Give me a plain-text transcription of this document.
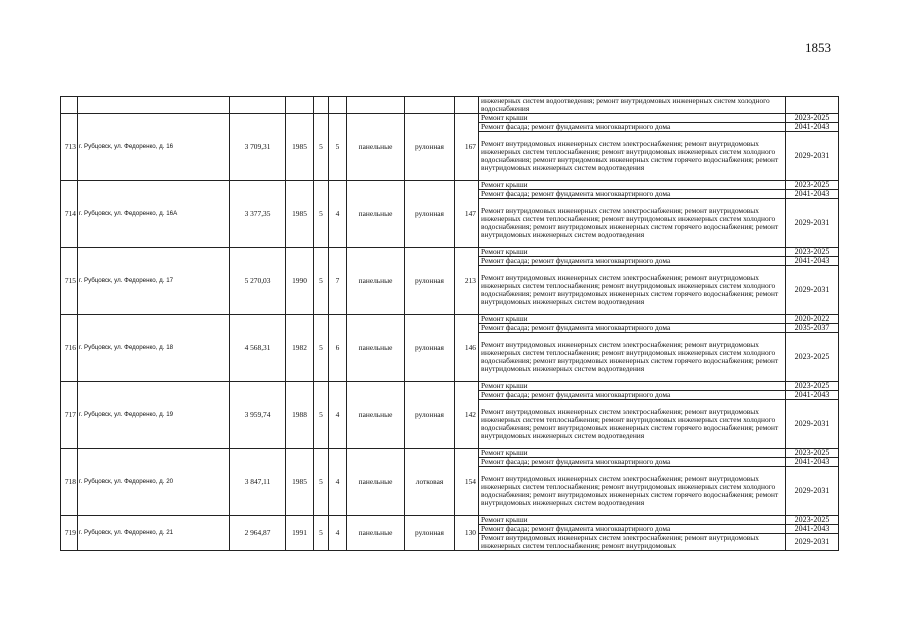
1853
									инженерных систем водоотведения; ремонт внутридомовых инженерных систем холодного водоснабжения	
713	г. Рубцовск, ул. Федоренко, д. 16	3 709,31	1985	5	5	панельные	рулонная	167	Ремонт крыши	2023-2025
									Ремонт фасада; ремонт фундамента многоквартирного дома	2041-2043
									Ремонт внутридомовых инженерных систем электроснабжения; ремонт внутридомовых инженерных систем теплоснабжения; ремонт внутридомовых инженерных систем холодного водоснабжения; ремонт внутридомовых инженерных систем горячего водоснабжения; ремонт внутридомовых инженерных систем водоотведения	2029-2031
714	г. Рубцовск, ул. Федоренко, д. 16А	3 377,35	1985	5	4	панельные	рулонная	147	Ремонт крыши	2023-2025
									Ремонт фасада; ремонт фундамента многоквартирного дома	2041-2043
									Ремонт внутридомовых инженерных систем электроснабжения; ремонт внутридомовых инженерных систем теплоснабжения; ремонт внутридомовых инженерных систем холодного водоснабжения; ремонт внутридомовых инженерных систем горячего водоснабжения; ремонт внутридомовых инженерных систем водоотведения	2029-2031
715	г. Рубцовск, ул. Федоренко, д. 17	5 270,03	1990	5	7	панельные	рулонная	213	Ремонт крыши	2023-2025
									Ремонт фасада; ремонт фундамента многоквартирного дома	2041-2043
									Ремонт внутридомовых инженерных систем электроснабжения; ремонт внутридомовых инженерных систем теплоснабжения; ремонт внутридомовых инженерных систем холодного водоснабжения; ремонт внутридомовых инженерных систем горячего водоснабжения; ремонт внутридомовых инженерных систем водоотведения	2029-2031
716	г. Рубцовск, ул. Федоренко, д. 18	4 568,31	1982	5	6	панельные	рулонная	146	Ремонт крыши	2020-2022
									Ремонт фасада; ремонт фундамента многоквартирного дома	2035-2037
									Ремонт внутридомовых инженерных систем электроснабжения; ремонт внутридомовых инженерных систем теплоснабжения; ремонт внутридомовых инженерных систем холодного водоснабжения; ремонт внутридомовых инженерных систем горячего водоснабжения; ремонт внутридомовых инженерных систем водоотведения	2023-2025
717	г. Рубцовск, ул. Федоренко, д. 19	3 959,74	1988	5	4	панельные	рулонная	142	Ремонт крыши	2023-2025
									Ремонт фасада; ремонт фундамента многоквартирного дома	2041-2043
									Ремонт внутридомовых инженерных систем электроснабжения; ремонт внутридомовых инженерных систем теплоснабжения; ремонт внутридомовых инженерных систем холодного водоснабжения; ремонт внутридомовых инженерных систем горячего водоснабжения; ремонт внутридомовых инженерных систем водоотведения	2029-2031
718	г. Рубцовск, ул. Федоренко, д. 20	3 847,11	1985	5	4	панельные	лотковая	154	Ремонт крыши	2023-2025
									Ремонт фасада; ремонт фундамента многоквартирного дома	2041-2043
									Ремонт внутридомовых инженерных систем электроснабжения; ремонт внутридомовых инженерных систем теплоснабжения; ремонт внутридомовых инженерных систем холодного водоснабжения; ремонт внутридомовых инженерных систем горячего водоснабжения; ремонт внутридомовых инженерных систем водоотведения	2029-2031
719	г. Рубцовск, ул. Федоренко, д. 21	2 964,87	1991	5	4	панельные	рулонная	130	Ремонт крыши	2023-2025
									Ремонт фасада; ремонт фундамента многоквартирного дома	2041-2043
									Ремонт внутридомовых инженерных систем электроснабжения; ремонт внутридомовых инженерных систем теплоснабжения; ремонт внутридомовых	2029-2031
